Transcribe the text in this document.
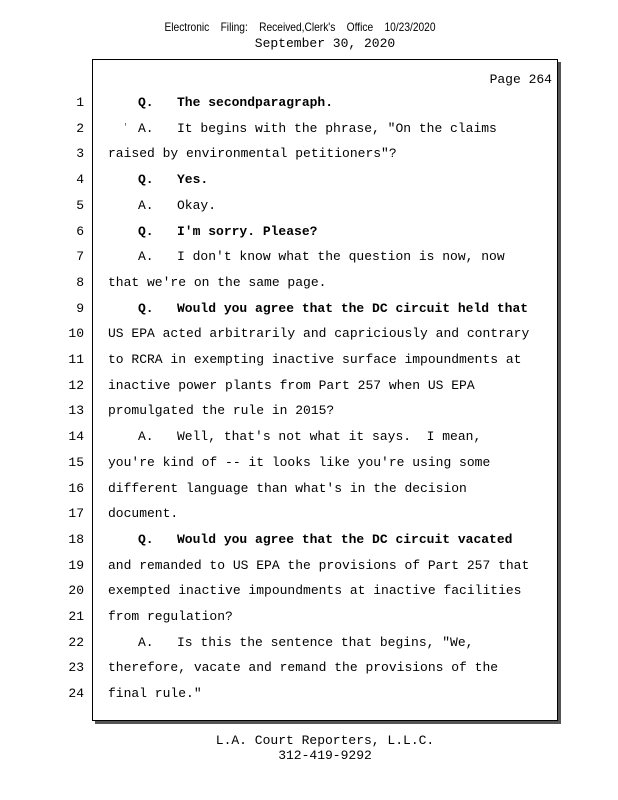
Electronic Filing: Received,Clerk's Office 10/23/2020
September 30, 2020
Page 264
'
1	Q.   The secondparagraph.
2	A.   It begins with the phrase, "On the claims
3 raised by environmental petitioners"?
4	Q.   Yes.
5	A.   Okay.
6	Q.   I'm sorry. Please?
7	A.   I don't know what the question is now, now
8 that we're on the same page.
9	Q.   Would you agree that the DC circuit held that
10 US EPA acted arbitrarily and capriciously and contrary
11 to RCRA in exempting inactive surface impoundments at
12 inactive power plants from Part 257 when US EPA
13 promulgated the rule in 2015?
14	A.   Well, that's not what it says.  I mean,
15 you're kind of -- it looks like you're using some
16 different language than what's in the decision
17 document.
18	Q.   Would you agree that the DC circuit vacated
19 and remanded to US EPA the provisions of Part 257 that
20 exempted inactive impoundments at inactive facilities
21 from regulation?
22	A.   Is this the sentence that begins, "We,
23 therefore, vacate and remand the provisions of the
24 final rule."
L.A. Court Reporters, L.L.C.
312-419-9292
